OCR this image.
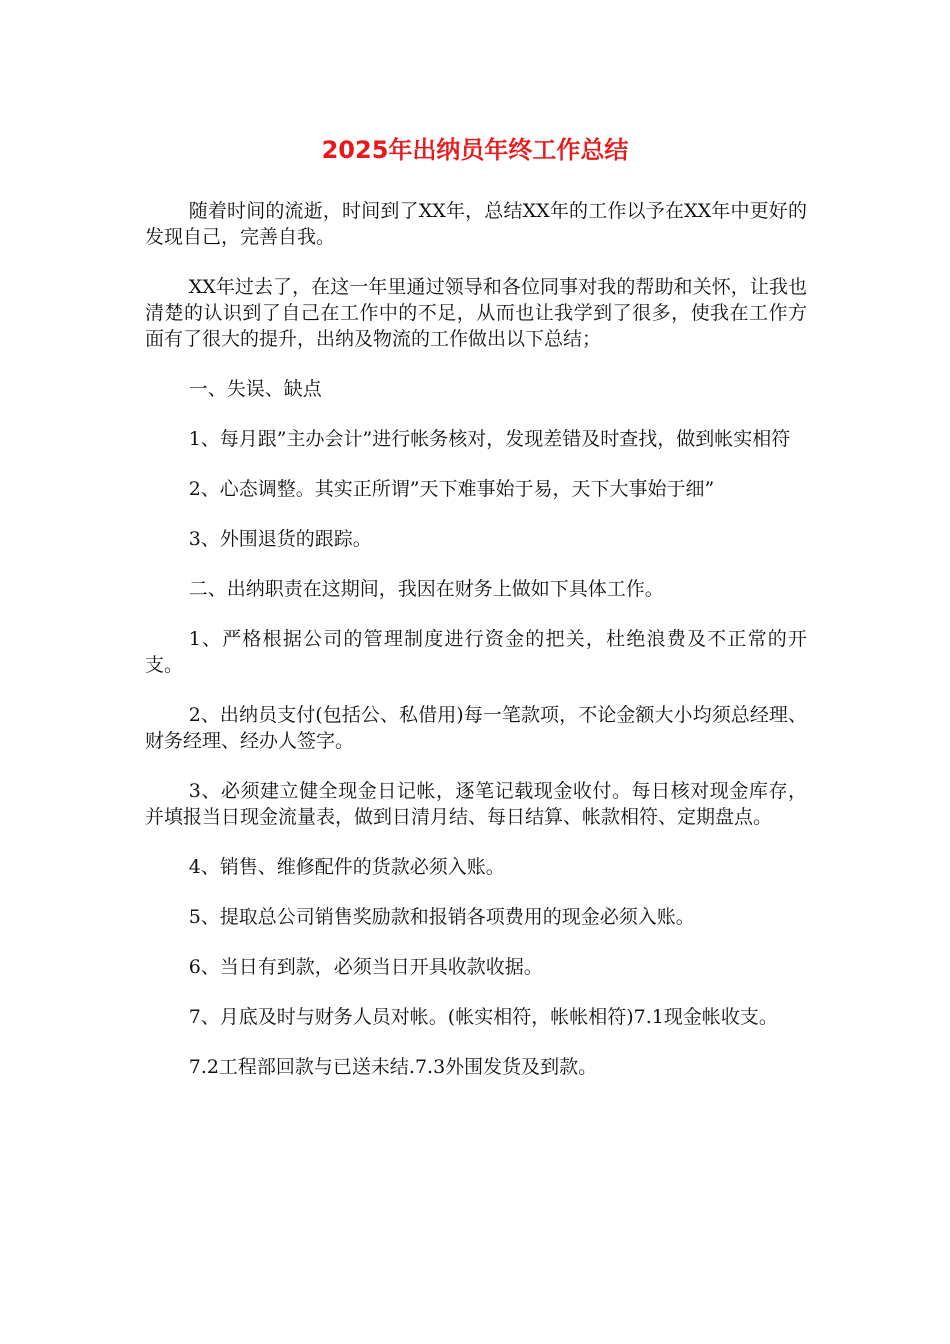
2025年出纳员年终工作总结

随着时间的流逝，时间到了XX年，总结XX年的工作以予在XX年中更好的发现自己，完善自我。

XX年过去了，在这一年里通过领导和各位同事对我的帮助和关怀，让我也清楚的认识到了自己在工作中的不足，从而也让我学到了很多，使我在工作方面有了很大的提升，出纳及物流的工作做出以下总结；

一、失误、缺点

1、每月跟”主办会计”进行帐务核对，发现差错及时查找，做到帐实相符

2、心态调整。其实正所谓”天下难事始于易，天下大事始于细”

3、外围退货的跟踪。

二、出纳职责在这期间，我因在财务上做如下具体工作。

1、严格根据公司的管理制度进行资金的把关，杜绝浪费及不正常的开支。

2、出纳员支付(包括公、私借用)每一笔款项，不论金额大小均须总经理、财务经理、经办人签字。

3、必须建立健全现金日记帐，逐笔记载现金收付。每日核对现金库存，并填报当日现金流量表，做到日清月结、每日结算、帐款相符、定期盘点。

4、销售、维修配件的货款必须入账。

5、提取总公司销售奖励款和报销各项费用的现金必须入账。

6、当日有到款，必须当日开具收款收据。

7、月底及时与财务人员对帐。(帐实相符，帐帐相符)7.1现金帐收支。

7.2工程部回款与已送未结.7.3外围发货及到款。
